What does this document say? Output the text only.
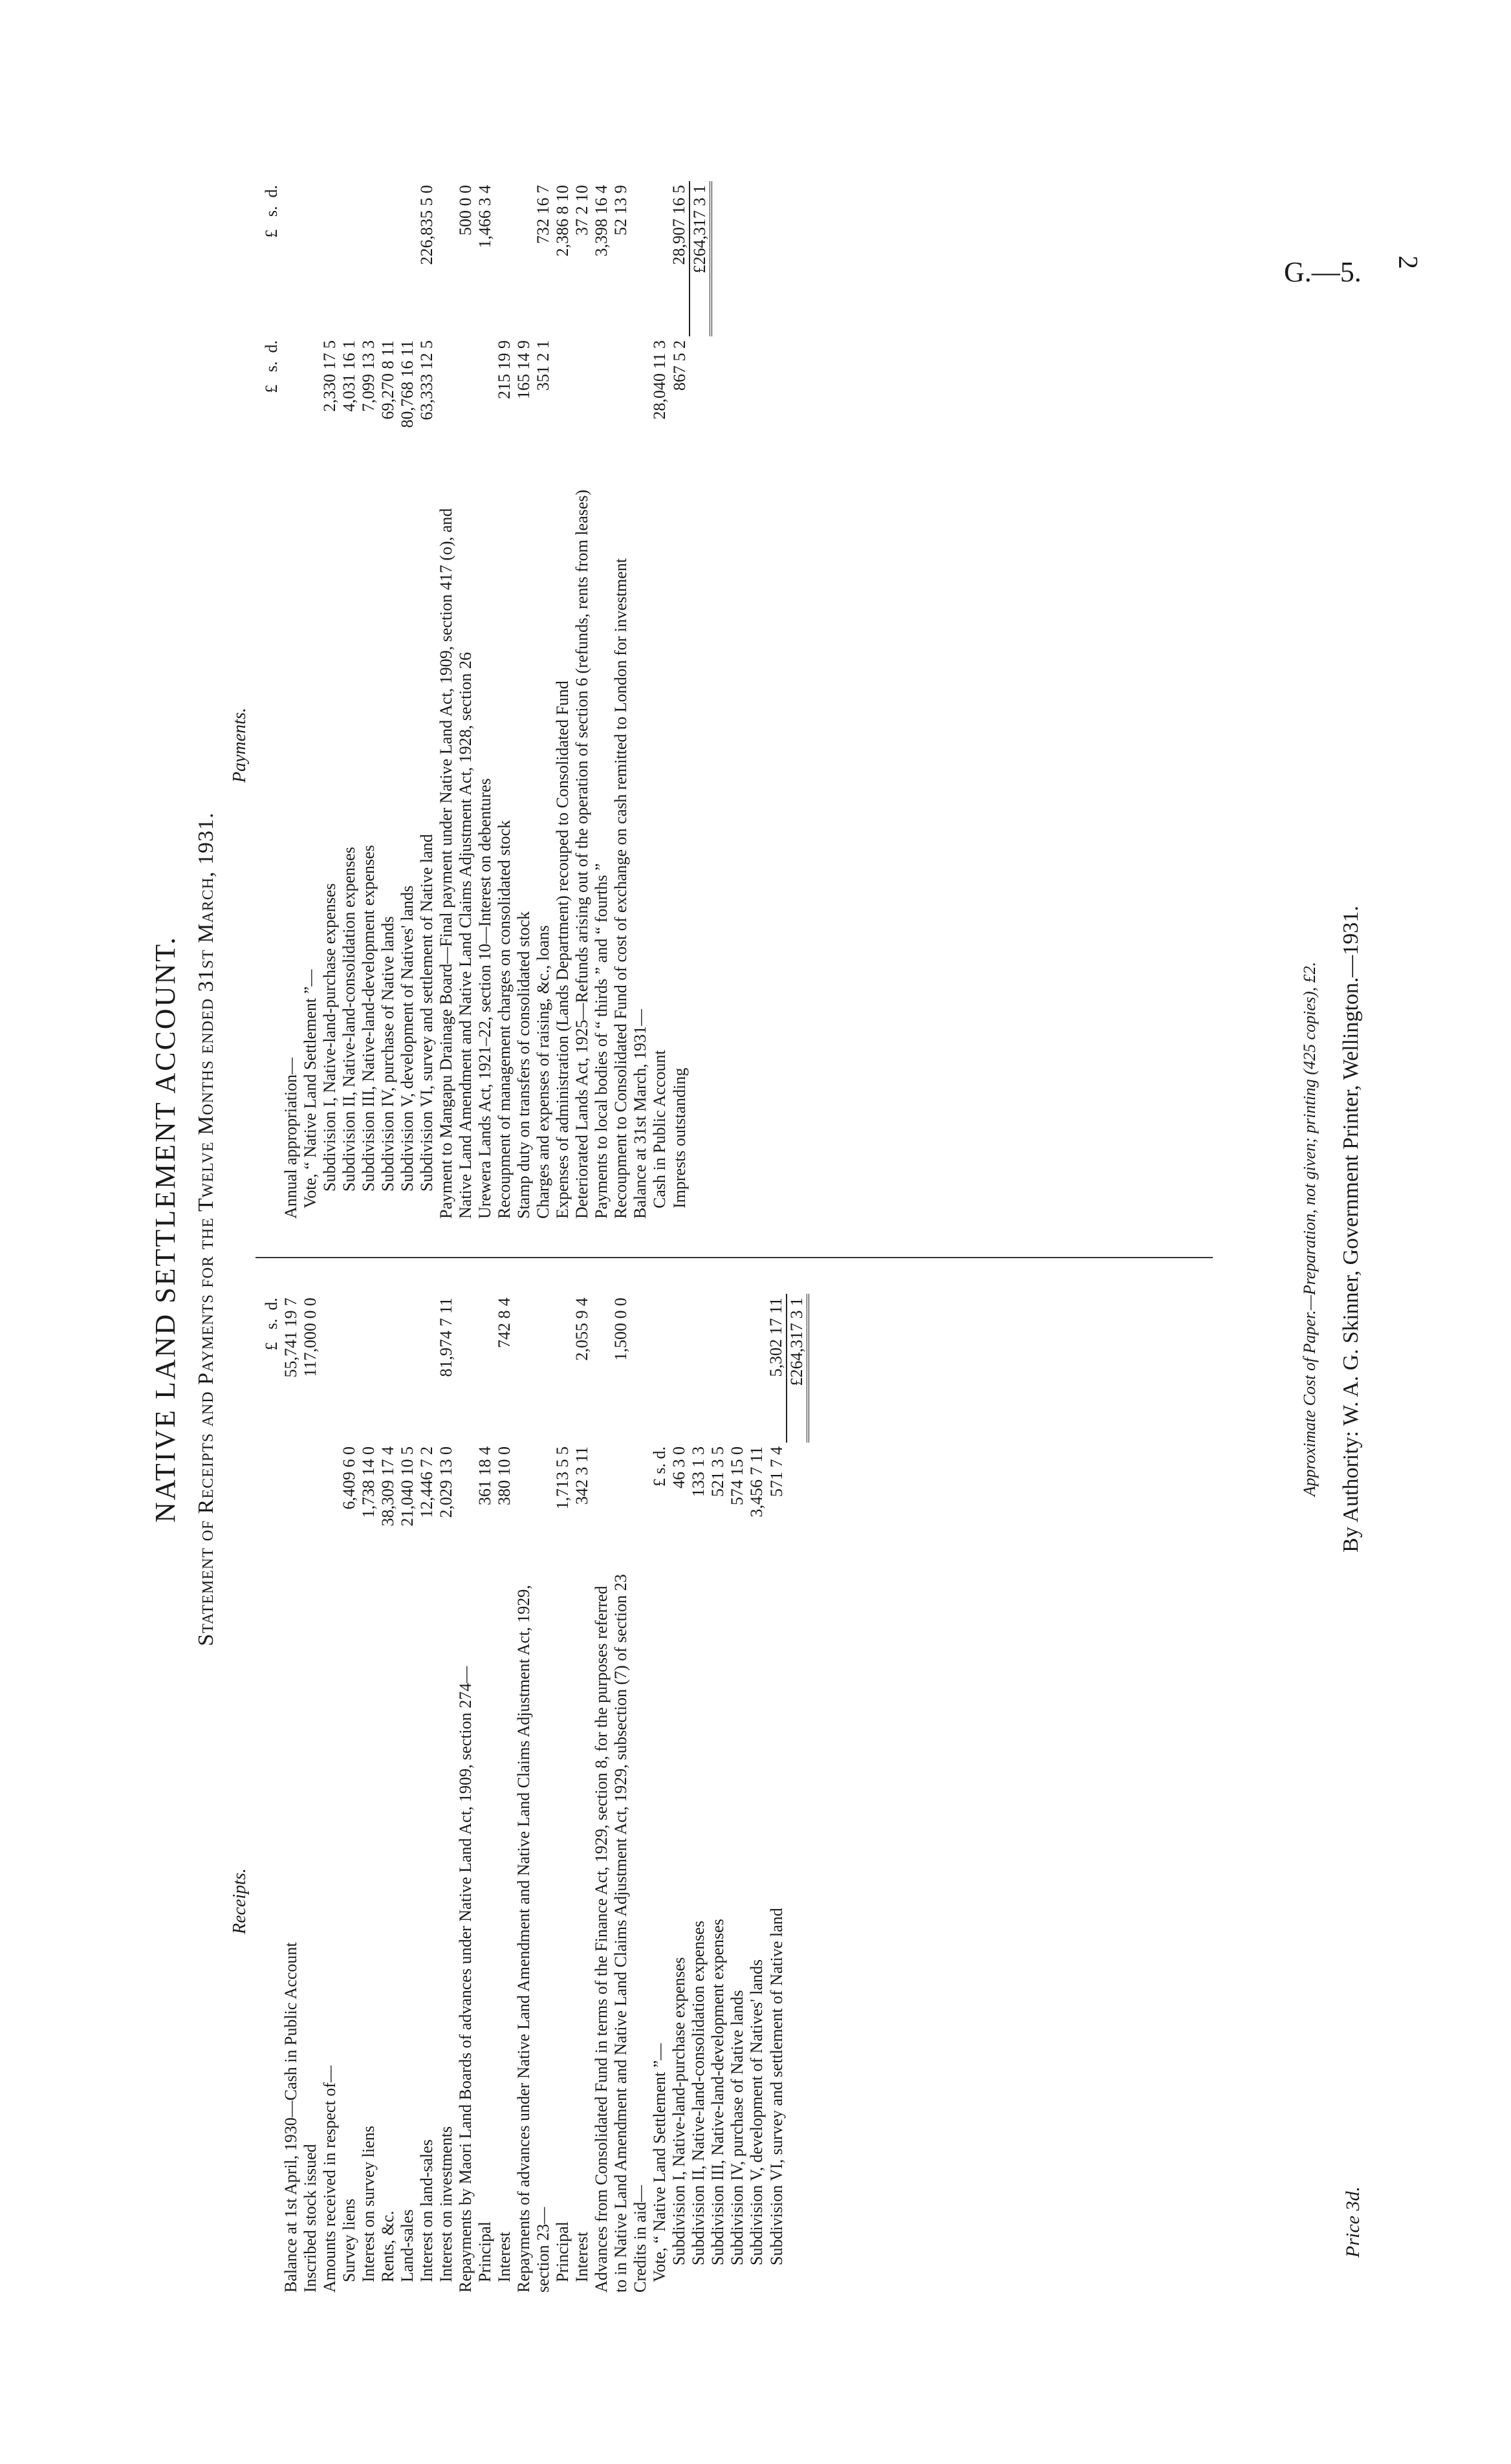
G.—5. 2
NATIVE LAND SETTLEMENT ACCOUNT. Statement of Receipts and Payments for the Twelve Months ended 31st March, 1931.
Receipts.
Payments.
		£   s.  d.
Balance at 1st April, 1930—Cash in Public Account		55,741 19 7
Inscribed stock issued		117,000 0 0
Amounts received in respect of—		
Survey liens	6,409 6 0	
Interest on survey liens	1,738 14 0	
Rents, &c.	38,309 17 4	
Land-sales	21,040 10 5	
Interest on land-sales	12,446 7 2	
Interest on investments	2,029 13 0	81,974 7 11
Repayments by Maori Land Boards of advances under Native Land Act, 1909, section 274—		
Principal	361 18 4	
Interest	380 10 0	742 8 4
Repayments of advances under Native Land Amendment and Native Land Claims Adjustment Act, 1929, section 23—		
Principal	1,713 5 5	
Interest	342 3 11	2,055 9 4
Advances from Consolidated Fund in terms of the Finance Act, 1929, section 8, for the purposes referred to in Native Land Amendment and Native Land Claims Adjustment Act, 1929, subsection (7) of section 23		1,500 0 0
Credits in aid—		
Vote, “ Native Land Settlement ”—	£ s. d.	
Subdivision I, Native-land-purchase expenses	46 3 0	
Subdivision II, Native-land-consolidation expenses	133 1 3	
Subdivision III, Native-land-development expenses	521 3 5	
Subdivision IV, purchase of Native lands	574 15 0	
Subdivision V, development of Natives' lands	3,456 7 11	
Subdivision VI, survey and settlement of Native land	571 7 4	5,302 17 11
		£264,317 3 1
	£   s.  d.	£   s.  d.
Annual appropriation—		
Vote, “ Native Land Settlement ”—		
Subdivision I, Native-land-purchase expenses	2,330 17 5	
Subdivision II, Native-land-consolidation expenses	4,031 16 1	
Subdivision III, Native-land-development expenses	7,099 13 3	
Subdivision IV, purchase of Native lands	69,270 8 11	
Subdivision V, development of Natives' lands	80,768 16 11	
Subdivision VI, survey and settlement of Native land	63,333 12 5	226,835 5 0
Payment to Mangapu Drainage Board—Final payment under Native Land Act, 1909, section 417 (o), and Native Land Amendment and Native Land Claims Adjustment Act, 1928, section 26		500 0 0
Urewera Lands Act, 1921–22, section 10—Interest on debentures		1,466 3 4
Recoupment of management charges on consolidated stock	215 19 9	
Stamp duty on transfers of consolidated stock	165 14 9	
Charges and expenses of raising, &c., loans	351 2 1	732 16 7
Expenses of administration (Lands Department) recouped to Consolidated Fund		2,386 8 10
Deteriorated Lands Act, 1925—Refunds arising out of the operation of section 6 (refunds, rents from leases)		37 2 10
Payments to local bodies of “ thirds ” and “ fourths ”		3,398 16 4
Recoupment to Consolidated Fund of cost of exchange on cash remitted to London for investment		52 13 9
Balance at 31st March, 1931—		
Cash in Public Account	28,040 11 3	
Imprests outstanding	867 5 2	28,907 16 5
		£264,317 3 1
Approximate Cost of Paper.—Preparation, not given; printing (425 copies), £2.
Price 3d.
By Authority: W. A. G. Skinner, Government Printer, Wellington.—1931.
